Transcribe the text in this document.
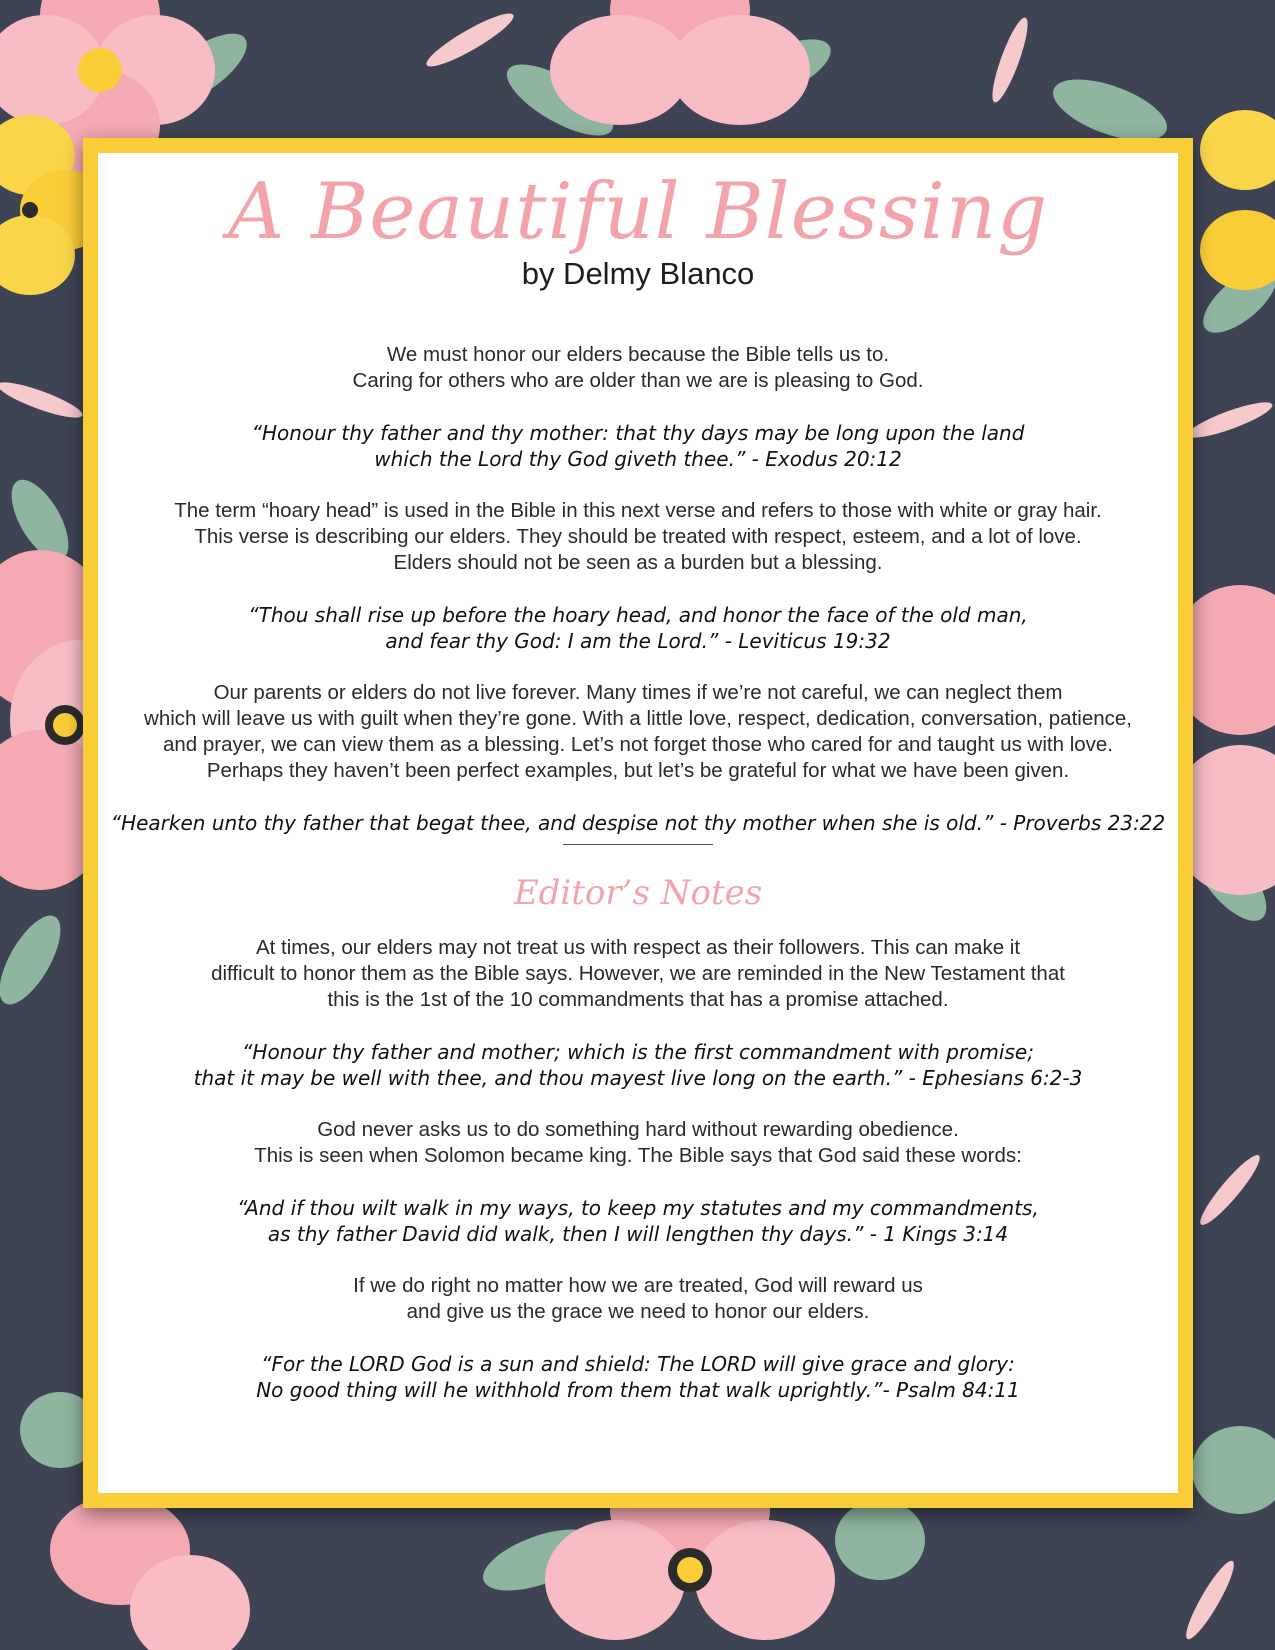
A Beautiful Blessing
by Delmy Blanco
We must honor our elders because the Bible tells us to.
Caring for others who are older than we are is pleasing to God.
“Honour thy father and thy mother: that thy days may be long upon the land
which the Lord thy God giveth thee.” - Exodus 20:12
The term “hoary head” is used in the Bible in this next verse and refers to those with white or gray hair.
This verse is describing our elders. They should be treated with respect, esteem, and a lot of love.
Elders should not be seen as a burden but a blessing.
“Thou shall rise up before the hoary head, and honor the face of the old man,
and fear thy God: I am the Lord.” - Leviticus 19:32
Our parents or elders do not live forever. Many times if we’re not careful, we can neglect them
which will leave us with guilt when they’re gone. With a little love, respect, dedication, conversation, patience,
and prayer, we can view them as a blessing. Let’s not forget those who cared for and taught us with love.
Perhaps they haven’t been perfect examples, but let’s be grateful for what we have been given.
“Hearken unto thy father that begat thee, and despise not thy mother when she is old.” - Proverbs 23:22
Editor’s Notes
At times, our elders may not treat us with respect as their followers. This can make it
difficult to honor them as the Bible says. However, we are reminded in the New Testament that
this is the 1st of the 10 commandments that has a promise attached.
“Honour thy father and mother; which is the first commandment with promise;
that it may be well with thee, and thou mayest live long on the earth.” - Ephesians 6:2-3
God never asks us to do something hard without rewarding obedience.
This is seen when Solomon became king. The Bible says that God said these words:
“And if thou wilt walk in my ways, to keep my statutes and my commandments,
as thy father David did walk, then I will lengthen thy days.” - 1 Kings 3:14
If we do right no matter how we are treated, God will reward us
and give us the grace we need to honor our elders.
“For the LORD God is a sun and shield: The LORD will give grace and glory:
No good thing will he withhold from them that walk uprightly.”- Psalm 84:11
